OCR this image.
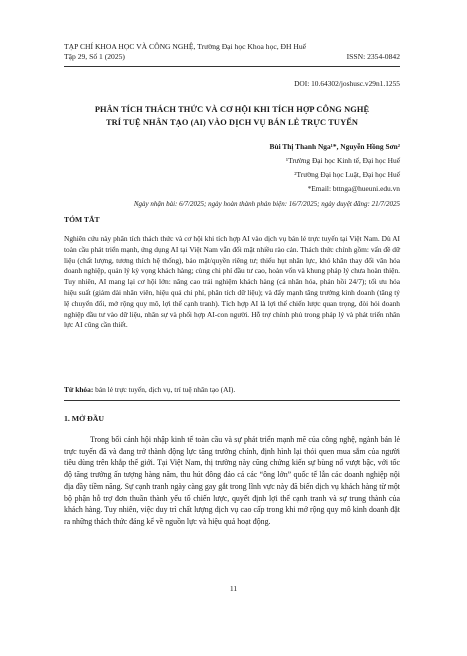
TẠP CHÍ KHOA HỌC VÀ CÔNG NGHỆ, Trường Đại học Khoa học, ĐH Huế
Tập 29, Số 1 (2025)	ISSN: 2354-0842
DOI: 10.64302/joshusc.v29n1.1255
PHÂN TÍCH THÁCH THỨC VÀ CƠ HỘI KHI TÍCH HỢP CÔNG NGHỆ
TRÍ TUỆ NHÂN TẠO (AI) VÀO DỊCH VỤ BÁN LẺ TRỰC TUYẾN
Bùi Thị Thanh Nga¹*, Nguyễn Hồng Sơn²
¹Trường Đại học Kinh tế, Đại học Huế
²Trường Đại học Luật, Đại học Huế
*Email: bttnga@hueuni.edu.vn
Ngày nhận bài: 6/7/2025; ngày hoàn thành phản biện: 16/7/2025; ngày duyệt đăng: 21/7/2025
TÓM TẮT

Nghiên cứu này phân tích thách thức và cơ hội khi tích hợp AI vào dịch vụ bán lẻ trực tuyến tại Việt Nam. Dù AI toàn cầu phát triển mạnh, ứng dụng AI tại Việt Nam vẫn đối mặt nhiều rào cản. Thách thức chính gồm: vấn đề dữ liệu (chất lượng, tương thích hệ thống), bảo mật/quyền riêng tư; thiếu hụt nhân lực, khó khăn thay đổi văn hóa doanh nghiệp, quản lý kỳ vọng khách hàng; cùng chi phí đầu tư cao, hoàn vốn và khung pháp lý chưa hoàn thiện. Tuy nhiên, AI mang lại cơ hội lớn: nâng cao trải nghiệm khách hàng (cá nhân hóa, phản hồi 24/7); tối ưu hóa hiệu suất (giảm dài nhân viên, hiệu quả chi phí, phân tích dữ liệu); và đẩy mạnh tăng trưởng kinh doanh (tăng tỷ lệ chuyển đổi, mở rộng quy mô, lợi thế cạnh tranh). Tích hợp AI là lợi thế chiến lược quan trọng, đòi hỏi doanh nghiệp đầu tư vào dữ liệu, nhân sự và phối hợp AI-con người. Hỗ trợ chính phủ trong pháp lý và phát triển nhân lực AI cũng cần thiết.

Từ khóa: bán lẻ trực tuyến, dịch vụ, trí tuệ nhân tạo (AI).
1. MỞ ĐẦU

Trong bối cảnh hội nhập kinh tế toàn cầu và sự phát triển mạnh mẽ của công nghệ, ngành bán lẻ trực tuyến đã và đang trở thành động lực tăng trưởng chính, định hình lại thói quen mua sắm của người tiêu dùng trên khắp thế giới. Tại Việt Nam, thị trường này cũng chứng kiến sự bùng nổ vượt bậc, với tốc độ tăng trưởng ấn tượng hàng năm, thu hút đông đảo cá các “ông lớn” quốc tế lẫn các doanh nghiệp nội địa đầy tiềm năng. Sự cạnh tranh ngày càng gay gắt trong lĩnh vực này đã biến dịch vụ khách hàng từ một bộ phận hỗ trợ đơn thuần thành yếu tố chiến lược, quyết định lợi thế cạnh tranh và sự trung thành của khách hàng. Tuy nhiên, việc duy trì chất lượng dịch vụ cao cấp trong khi mở rộng quy mô kinh doanh đặt ra những thách thức đáng kể về nguồn lực và hiệu quả hoạt động.

11
